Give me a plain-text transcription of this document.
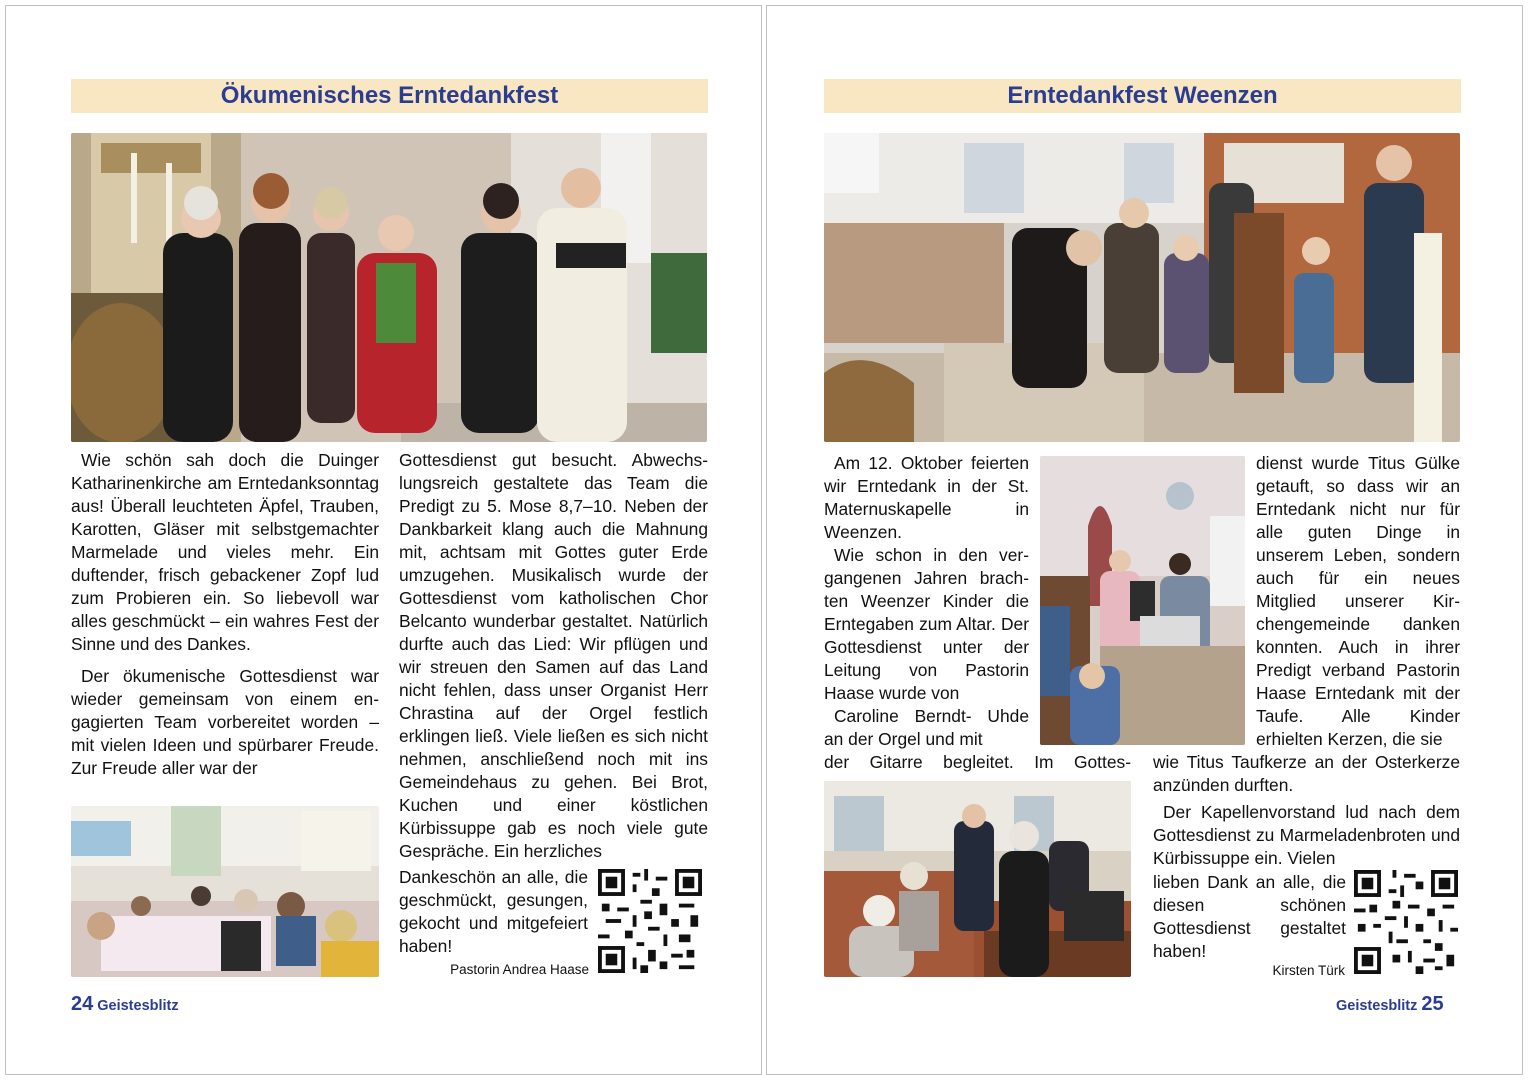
Ökumenisches Erntedankfest

Wie schön sah doch die Duinger Katharinenkirche am Erntedanksonntag aus! Überall leuchteten Äpfel, Trauben, Karotten, Gläser mit selbstgemachter Marmelade und vieles mehr. Ein duftender, frisch gebackener Zopf lud zum Probieren ein. So liebevoll war alles geschmückt – ein wahres Fest der Sinne und des Dankes.

Der ökumenische Gottesdienst war wieder gemeinsam von einem engagierten Team vorbereitet worden – mit vielen Ideen und spürbarer Freude. Zur Freude aller war der

Gottesdienst gut besucht. Abwechslungsreich gestaltete das Team die Predigt zu 5. Mose 8,7–10. Neben der Dankbarkeit klang auch die Mahnung mit, achtsam mit Gottes guter Erde umzugehen. Musikalisch wurde der Gottesdienst vom katholischen Chor Belcanto wunderbar gestaltet. Natürlich durfte auch das Lied: Wir pflügen und wir streuen den Samen auf das Land nicht fehlen, dass unser Organist Herr Chrastina auf der Orgel festlich erklingen ließ. Viele ließen es sich nicht nehmen, anschließend noch mit ins Gemeindehaus zu gehen. Bei Brot, Kuchen und einer köstlichen Kürbissuppe gab es noch viele gute Gespräche. Ein herzliches

Dankeschön an alle, die geschmückt, gesungen, gekocht und mitgefeiert haben!

Pastorin Andrea Haase
24 Geistesblitz
Erntedankfest Weenzen

Am 12. Oktober feierten wir Erntedank in der St. Maternuskapelle in Weenzen.

Wie schon in den vergangenen Jahren brachten Weenzer Kinder die Erntegaben zum Altar. Der Gottesdienst unter der Leitung von Pastorin Haase wurde von

Caroline Berndt- Uhde an der Orgel und mit

der Gitarre begleitet. Im Gottes-

dienst wurde Titus Gülke getauft, so dass wir an Erntedank nicht nur für alle guten Dinge in unserem Leben, sondern auch für ein neues Mitglied unserer Kirchengemeinde danken konnten. Auch in ihrer Predigt verband Pastorin Haase Erntedank mit der Taufe. Alle Kinder erhielten Kerzen, die sie

wie Titus Taufkerze an der Osterkerze anzünden durften.

Der Kapellenvorstand lud nach dem Gottesdienst zu Marmeladenbroten und Kürbissuppe ein. Vielen

lieben Dank an alle, die diesen schönen Gottesdienst gestaltet haben!

Kirsten Türk
Geistesblitz 25
